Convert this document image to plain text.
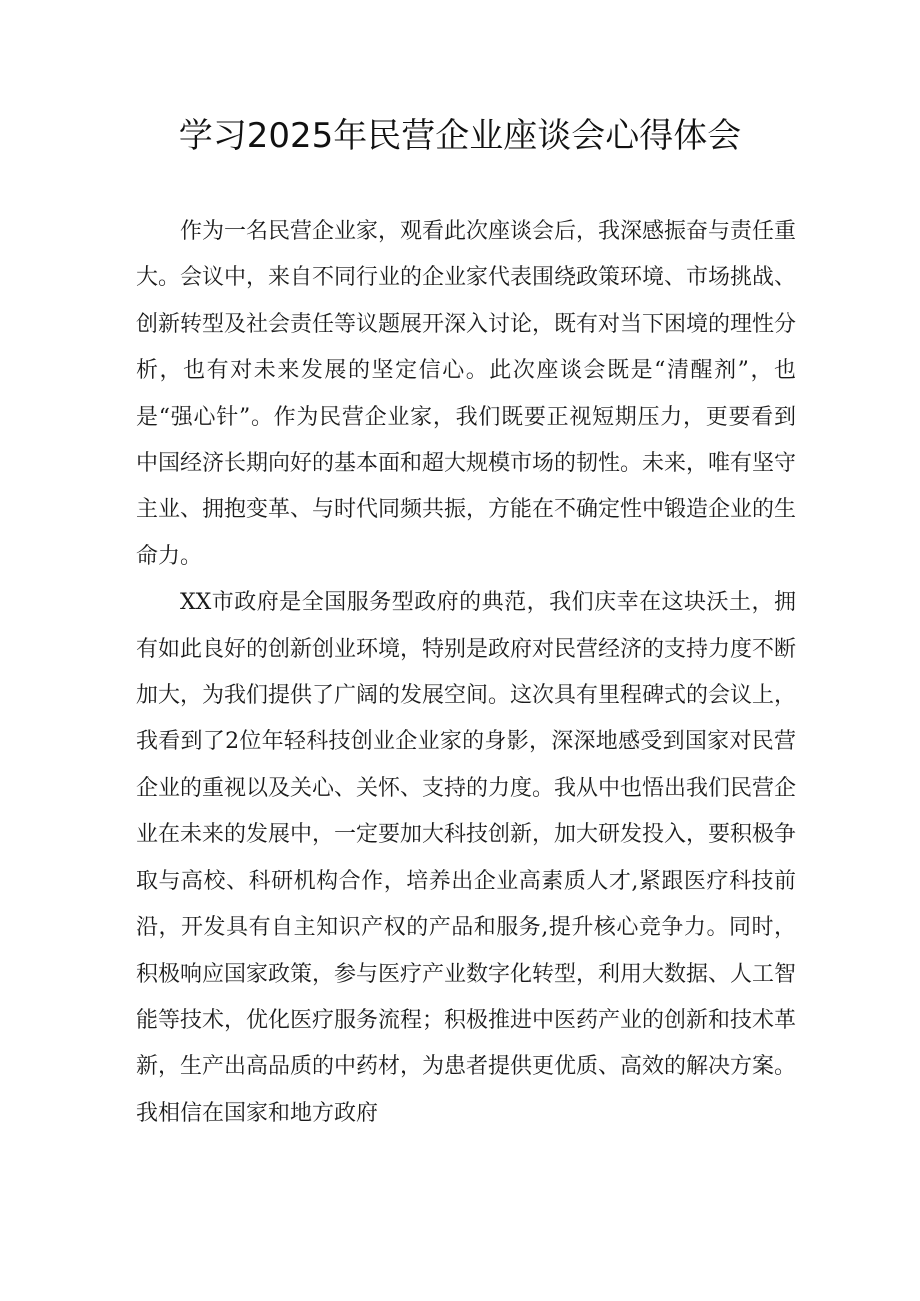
学习2025年民营企业座谈会心得体会

作为一名民营企业家，观看此次座谈会后，我深感振奋与责任重大。会议中，来自不同行业的企业家代表围绕政策环境、市场挑战、创新转型及社会责任等议题展开深入讨论，既有对当下困境的理性分析，也有对未来发展的坚定信心。此次座谈会既是“清醒剂”，也是“强心针”。作为民营企业家，我们既要正视短期压力，更要看到中国经济长期向好的基本面和超大规模市场的韧性。未来，唯有坚守主业、拥抱变革、与时代同频共振，方能在不确定性中锻造企业的生命力。

XX市政府是全国服务型政府的典范，我们庆幸在这块沃土，拥有如此良好的创新创业环境，特别是政府对民营经济的支持力度不断加大，为我们提供了广阔的发展空间。这次具有里程碑式的会议上，我看到了2位年轻科技创业企业家的身影，深深地感受到国家对民营企业的重视以及关心、关怀、支持的力度。我从中也悟出我们民营企业在未来的发展中，一定要加大科技创新，加大研发投入，要积极争取与高校、科研机构合作，培养出企业高素质人才,紧跟医疗科技前沿，开发具有自主知识产权的产品和服务,提升核心竞争力。同时，积极响应国家政策，参与医疗产业数字化转型，利用大数据、人工智能等技术，优化医疗服务流程；积极推进中医药产业的创新和技术革新，生产出高品质的中药材，为患者提供更优质、高效的解决方案。我相信在国家和地方政府
